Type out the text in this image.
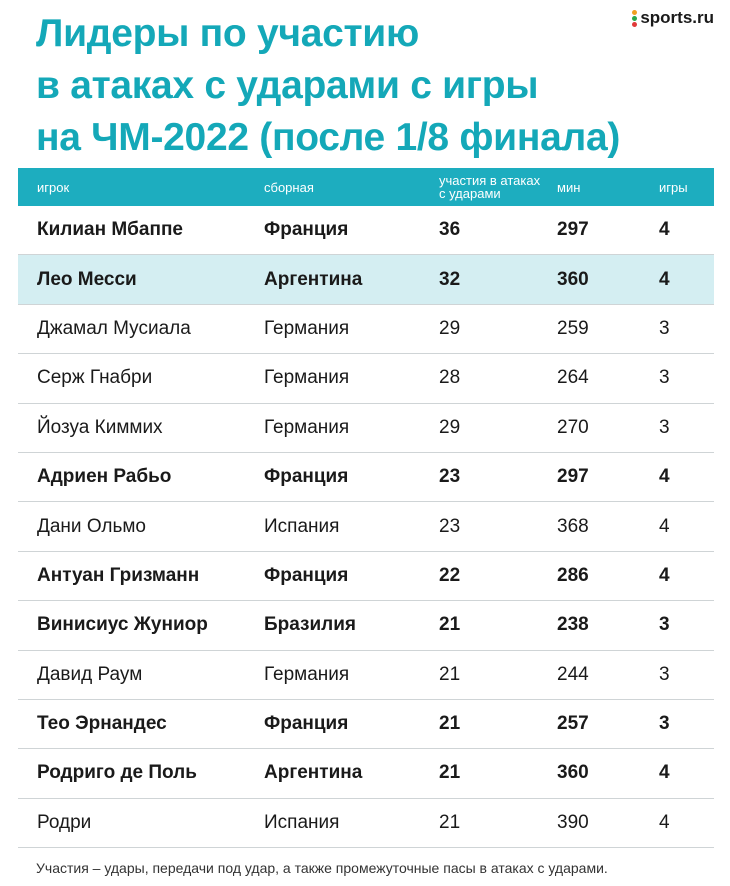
Лидеры по участию
в атаках с ударами с игры
на ЧМ-2022 (после 1/8 финала)
sports.ru
игрок	сборная	участия в атаках с ударами	мин	игры
Килиан Мбаппе	Франция	36	297	4
Лео Месси	Аргентина	32	360	4
Джамал Мусиала	Германия	29	259	3
Серж Гнабри	Германия	28	264	3
Йозуа Киммих	Германия	29	270	3
Адриен Рабьо	Франция	23	297	4
Дани Ольмо	Испания	23	368	4
Антуан Гризманн	Франция	22	286	4
Винисиус Жуниор	Бразилия	21	238	3
Давид Раум	Германия	21	244	3
Тео Эрнандес	Франция	21	257	3
Родриго де Поль	Аргентина	21	360	4
Родри	Испания	21	390	4
Участия – удары, передачи под удар, а также промежуточные пасы в атаках с ударами.
